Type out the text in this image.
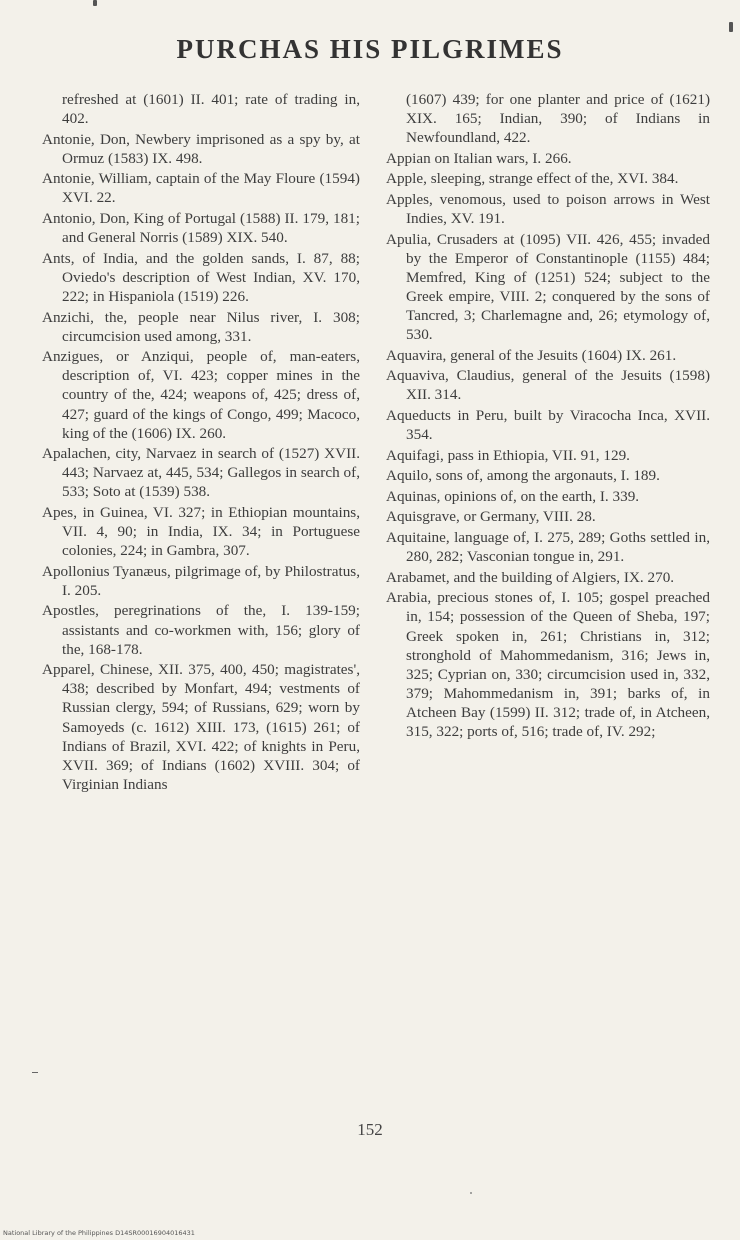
PURCHAS HIS PILGRIMES

refreshed at (1601) II. 401; rate of trading in, 402.

Antonie, Don, Newbery imprisoned as a spy by, at Ormuz (1583) IX. 498.

Antonie, William, captain of the May Floure (1594) XVI. 22.

Antonio, Don, King of Portugal (1588) II. 179, 181; and General Norris (1589) XIX. 540.

Ants, of India, and the golden sands, I. 87, 88; Oviedo's description of West Indian, XV. 170, 222; in Hispaniola (1519) 226.

Anzichi, the, people near Nilus river, I. 308; circumcision used among, 331.

Anzigues, or Anziqui, people of, man-eaters, description of, VI. 423; copper mines in the country of the, 424; weapons of, 425; dress of, 427; guard of the kings of Congo, 499; Macoco, king of the (1606) IX. 260.

Apalachen, city, Narvaez in search of (1527) XVII. 443; Narvaez at, 445, 534; Gallegos in search of, 533; Soto at (1539) 538.

Apes, in Guinea, VI. 327; in Ethiopian mountains, VII. 4, 90; in India, IX. 34; in Portuguese colonies, 224; in Gambra, 307.

Apollonius Tyanæus, pilgrimage of, by Philostratus, I. 205.

Apostles, peregrinations of the, I. 139-159; assistants and co-workmen with, 156; glory of the, 168-178.

Apparel, Chinese, XII. 375, 400, 450; magistrates', 438; described by Monfart, 494; vestments of Russian clergy, 594; of Russians, 629; worn by Samoyeds (c. 1612) XIII. 173, (1615) 261; of Indians of Brazil, XVI. 422; of knights in Peru, XVII. 369; of Indians (1602) XVIII. 304; of Virginian Indians

(1607) 439; for one planter and price of (1621) XIX. 165; Indian, 390; of Indians in Newfoundland, 422.

Appian on Italian wars, I. 266.

Apple, sleeping, strange effect of the, XVI. 384.

Apples, venomous, used to poison arrows in West Indies, XV. 191.

Apulia, Crusaders at (1095) VII. 426, 455; invaded by the Emperor of Constantinople (1155) 484; Memfred, King of (1251) 524; subject to the Greek empire, VIII. 2; conquered by the sons of Tancred, 3; Charlemagne and, 26; etymology of, 530.

Aquavira, general of the Jesuits (1604) IX. 261.

Aquaviva, Claudius, general of the Jesuits (1598) XII. 314.

Aqueducts in Peru, built by Viracocha Inca, XVII. 354.

Aquifagi, pass in Ethiopia, VII. 91, 129.

Aquilo, sons of, among the argonauts, I. 189.

Aquinas, opinions of, on the earth, I. 339.

Aquisgrave, or Germany, VIII. 28.

Aquitaine, language of, I. 275, 289; Goths settled in, 280, 282; Vasconian tongue in, 291.

Arabamet, and the building of Algiers, IX. 270.

Arabia, precious stones of, I. 105; gospel preached in, 154; possession of the Queen of Sheba, 197; Greek spoken in, 261; Christians in, 312; stronghold of Mahommedanism, 316; Jews in, 325; Cyprian on, 330; circumcision used in, 332, 379; Mahommedanism in, 391; barks of, in Atcheen Bay (1599) II. 312; trade of, in Atcheen, 315, 322; ports of, 516; trade of, IV. 292;

152
National Library of the Philippines D14SR00016904016431
